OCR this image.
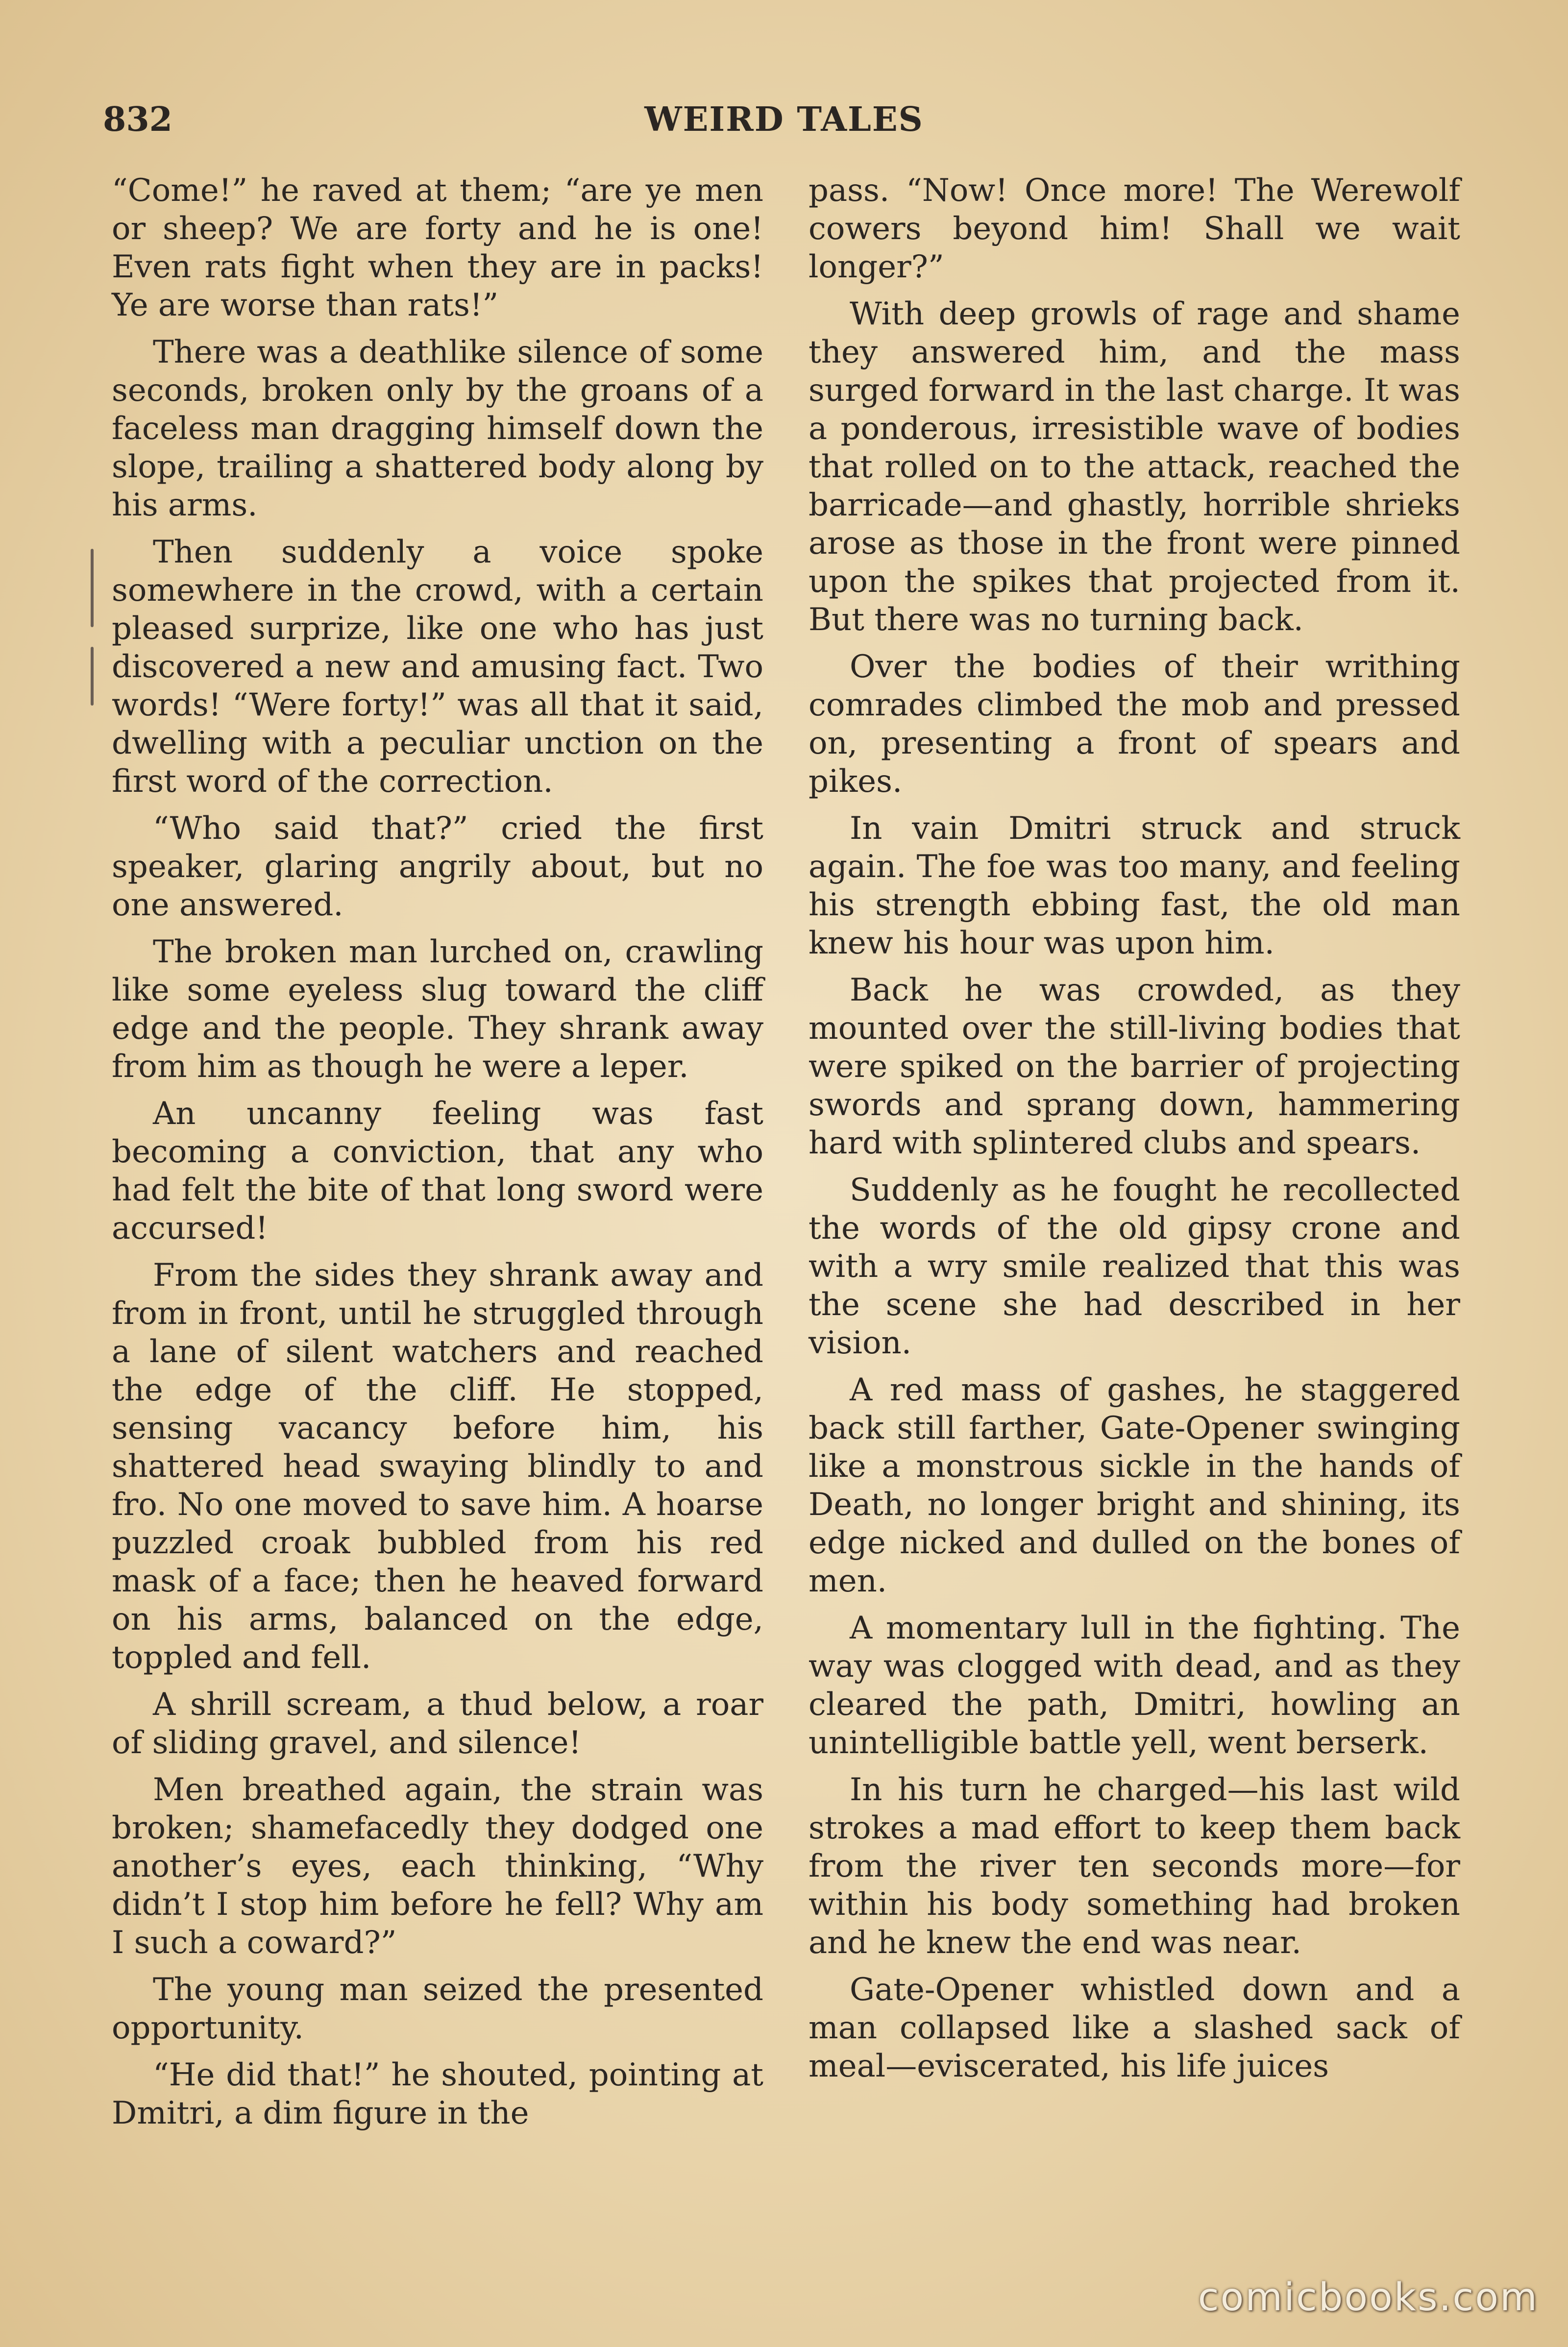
832	WEIRD TALES

“Come!” he raved at them; “are ye men or sheep? We are forty and he is one! Even rats fight when they are in packs! Ye are worse than rats!”

There was a deathlike silence of some seconds, broken only by the groans of a faceless man dragging himself down the slope, trailing a shattered body along by his arms.

Then suddenly a voice spoke somewhere in the crowd, with a certain pleased surprize, like one who has just discovered a new and amusing fact. Two words! “Were forty!” was all that it said, dwelling with a peculiar unction on the first word of the correction.

“Who said that?” cried the first speaker, glaring angrily about, but no one answered.

The broken man lurched on, crawling like some eyeless slug toward the cliff edge and the people. They shrank away from him as though he were a leper.

An uncanny feeling was fast becoming a conviction, that any who had felt the bite of that long sword were accursed!

From the sides they shrank away and from in front, until he struggled through a lane of silent watchers and reached the edge of the cliff. He stopped, sensing vacancy before him, his shattered head swaying blindly to and fro. No one moved to save him. A hoarse puzzled croak bubbled from his red mask of a face; then he heaved forward on his arms, balanced on the edge, toppled and fell.

A shrill scream, a thud below, a roar of sliding gravel, and silence!

Men breathed again, the strain was broken; shamefacedly they dodged one another’s eyes, each thinking, “Why didn’t I stop him before he fell? Why am I such a coward?”

The young man seized the presented opportunity.

“He did that!” he shouted, pointing at Dmitri, a dim figure in the

pass. “Now! Once more! The Werewolf cowers beyond him! Shall we wait longer?”

With deep growls of rage and shame they answered him, and the mass surged forward in the last charge. It was a ponderous, irresistible wave of bodies that rolled on to the attack, reached the barricade—and ghastly, horrible shrieks arose as those in the front were pinned upon the spikes that projected from it. But there was no turning back.

Over the bodies of their writhing comrades climbed the mob and pressed on, presenting a front of spears and pikes.

In vain Dmitri struck and struck again. The foe was too many, and feeling his strength ebbing fast, the old man knew his hour was upon him.

Back he was crowded, as they mounted over the still-living bodies that were spiked on the barrier of projecting swords and sprang down, hammering hard with splintered clubs and spears.

Suddenly as he fought he recollected the words of the old gipsy crone and with a wry smile realized that this was the scene she had described in her vision.

A red mass of gashes, he staggered back still farther, Gate-Opener swinging like a monstrous sickle in the hands of Death, no longer bright and shining, its edge nicked and dulled on the bones of men.

A momentary lull in the fighting. The way was clogged with dead, and as they cleared the path, Dmitri, howling an unintelligible battle yell, went berserk.

In his turn he charged—his last wild strokes a mad effort to keep them back from the river ten seconds more—for within his body something had broken and he knew the end was near.

Gate-Opener whistled down and a man collapsed like a slashed sack of meal—eviscerated, his life juices

comicbooks.com
